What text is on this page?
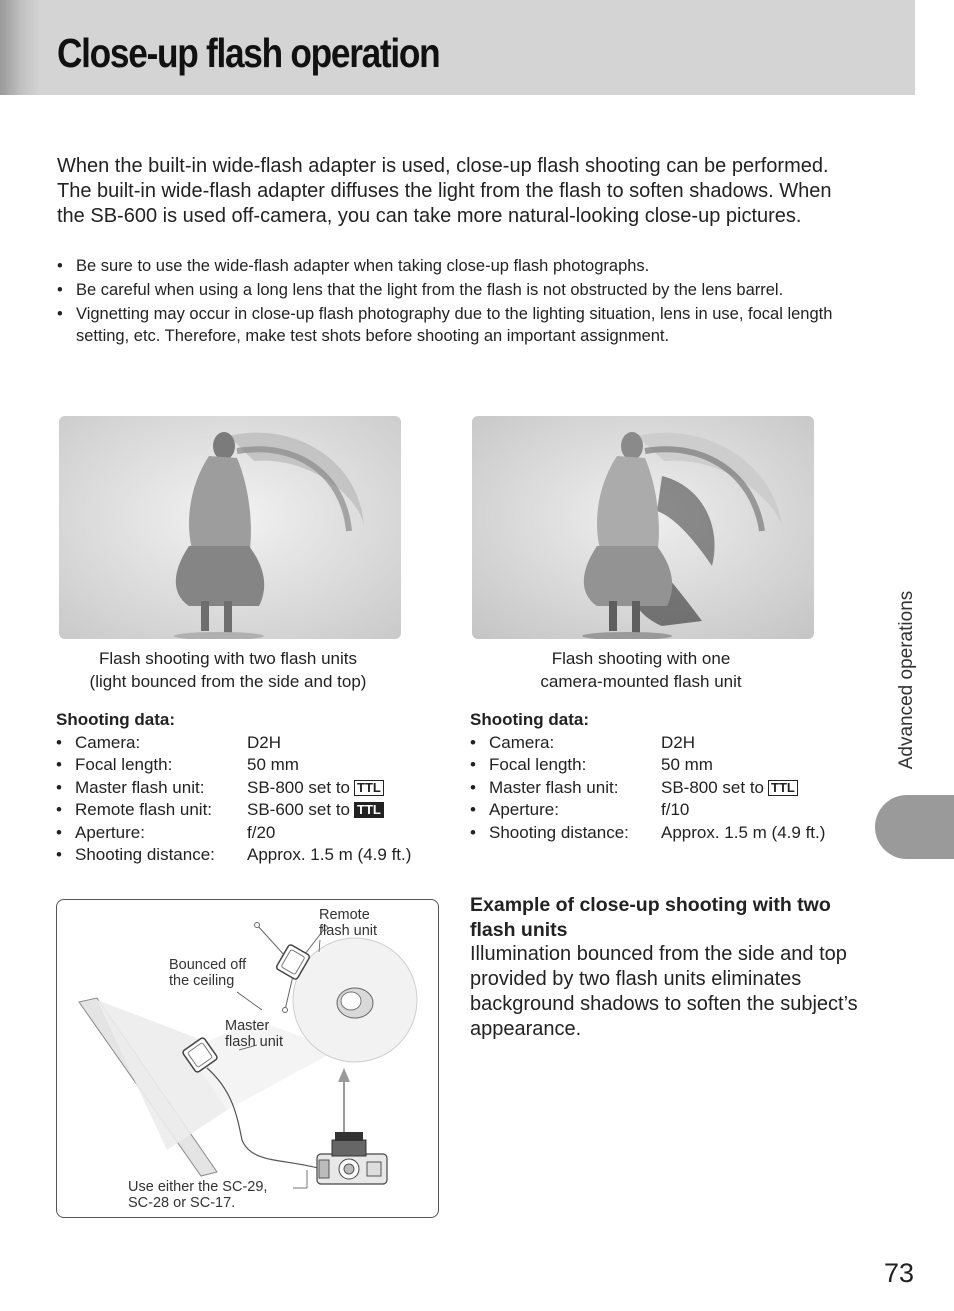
Close-up flash operation

When the built-in wide-flash adapter is used, close-up flash shooting can be performed. The built-in wide-flash adapter diffuses the light from the flash to soften shadows. When the SB-600 is used off-camera, you can take more natural-looking close-up pictures.

• Be sure to use the wide-flash adapter when taking close-up flash photographs.
• Be careful when using a long lens that the light from the flash is not obstructed by the lens barrel.
• Vignetting may occur in close-up flash photography due to the lighting situation, lens in use, focal length setting, etc. Therefore, make test shots before shooting an important assignment.

Flash shooting with two flash units
(light bounced from the side and top)

Flash shooting with one
camera-mounted flash unit

Shooting data:

• Camera:	D2H
• Focal length:	50 mm
• Master flash unit:	SB-800 set to TTL
• Remote flash unit: SB-600 set to TTL
• Aperture:	f/20
• Shooting distance: Approx. 1.5 m (4.9 ft.)

Shooting data:

• Camera:	D2H
• Focal length:	50 mm
• Master flash unit:	SB-800 set to TTL
• Aperture:	f/10
• Shooting distance: Approx. 1.5 m (4.9 ft.)
Remote
flash unit
Bounced off
the ceiling
Master
flash unit
Use either the SC-29,
SC-28 or SC-17.

Example of close-up shooting with two flash units

Illumination bounced from the side and top provided by two flash units eliminates background shadows to soften the subject’s appearance.

Advanced operations
73
